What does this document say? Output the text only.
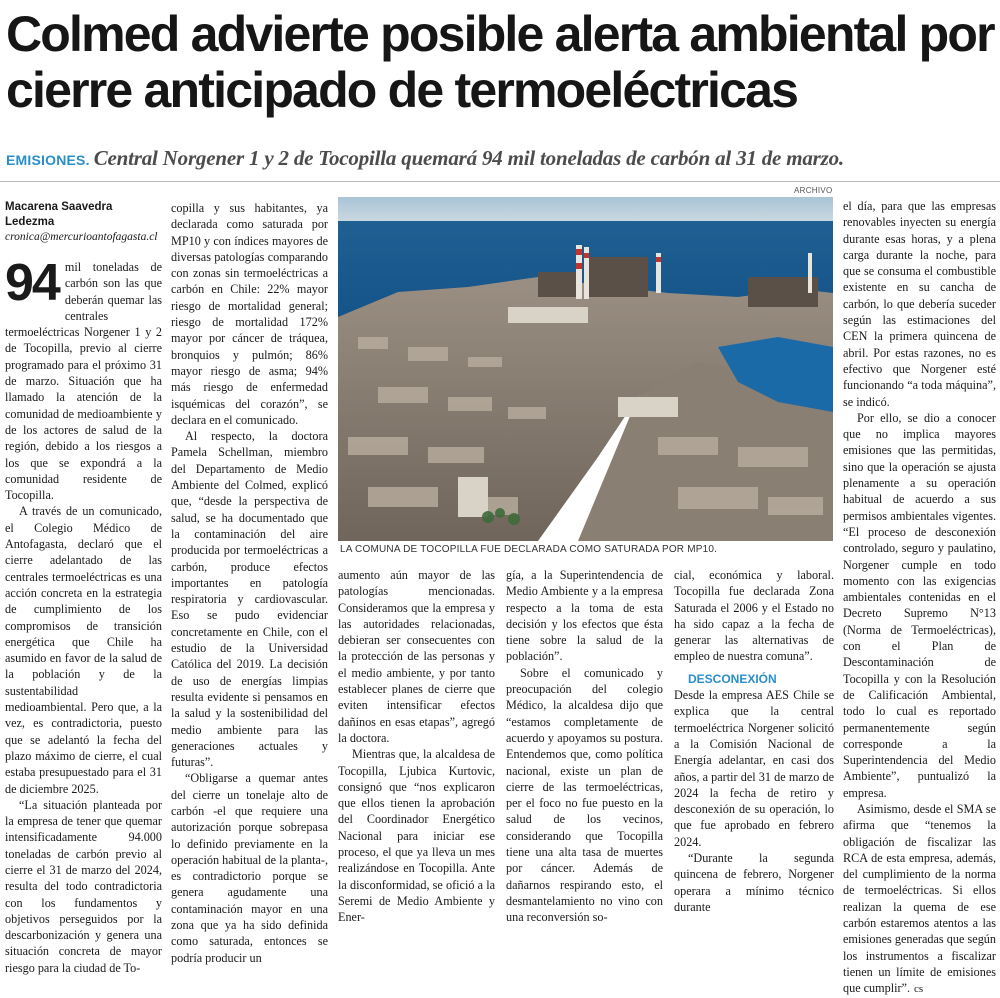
Colmed advierte posible alerta ambiental por cierre anticipado de termoeléctricas
EMISIONES. Central Norgener 1 y 2 de Tocopilla quemará 94 mil toneladas de carbón al 31 de marzo.
Macarena Saavedra Ledezma
cronica@mercurioantofagasta.cl

94 mil toneladas de carbón son las que deberán quemar las centrales termoeléctricas Norgener 1 y 2 de Tocopilla, previo al cierre programado para el próximo 31 de marzo. Situación que ha llamado la atención de la comunidad de medioambiente y de los actores de salud de la región, debido a los riesgos a los que se expondrá a la comunidad residente de Tocopilla.

A través de un comunicado, el Colegio Médico de Antofagasta, declaró que el cierre adelantado de las centrales termoeléctricas es una acción concreta en la estrategia de cumplimiento de los compromisos de transición energética que Chile ha asumido en favor de la salud de la población y de la sustentabilidad medioambiental. Pero que, a la vez, es contradictoria, puesto que se adelantó la fecha del plazo máximo de cierre, el cual estaba presupuestado para el 31 de diciembre 2025.

“La situación planteada por la empresa de tener que quemar intensificadamente 94.000 toneladas de carbón previo al cierre el 31 de marzo del 2024, resulta del todo contradictoria con los fundamentos y objetivos perseguidos por la descarbonización y genera una situación concreta de mayor riesgo para la ciudad de To-

copilla y sus habitantes, ya declarada como saturada por MP10 y con índices mayores de diversas patologías comparando con zonas sin termoeléctricas a carbón en Chile: 22% mayor riesgo de mortalidad general; riesgo de mortalidad 172% mayor por cáncer de tráquea, bronquios y pulmón; 86% mayor riesgo de asma; 94% más riesgo de enfermedad isquémicas del corazón”, se declara en el comunicado.

Al respecto, la doctora Pamela Schellman, miembro del Departamento de Medio Ambiente del Colmed, explicó que, “desde la perspectiva de salud, se ha documentado que la contaminación del aire producida por termoeléctricas a carbón, produce efectos importantes en patología respiratoria y cardiovascular. Eso se pudo evidenciar concretamente en Chile, con el estudio de la Universidad Católica del 2019. La decisión de uso de energías limpias resulta evidente si pensamos en la salud y la sostenibilidad del medio ambiente para las generaciones actuales y futuras”.

“Obligarse a quemar antes del cierre un tonelaje alto de carbón -el que requiere una autorización porque sobrepasa lo definido previamente en la operación habitual de la planta-, es contradictorio porque se genera agudamente una contaminación mayor en una zona que ya ha sido definida como saturada, entonces se podría producir un

ARCHIVO
LA COMUNA DE TOCOPILLA FUE DECLARADA COMO SATURADA POR MP10.

aumento aún mayor de las patologías mencionadas. Consideramos que la empresa y las autoridades relacionadas, debieran ser consecuentes con la protección de las personas y el medio ambiente, y por tanto establecer planes de cierre que eviten intensificar efectos dañinos en esas etapas”, agregó la doctora.

Mientras que, la alcaldesa de Tocopilla, Ljubica Kurtovic, consignó que “nos explicaron que ellos tienen la aprobación del Coordinador Energético Nacional para iniciar ese proceso, el que ya lleva un mes realizándose en Tocopilla. Ante la disconformidad, se ofició a la Seremi de Medio Ambiente y Ener-

gía, a la Superintendencia de Medio Ambiente y a la empresa respecto a la toma de esta decisión y los efectos que ésta tiene sobre la salud de la población”.

Sobre el comunicado y preocupación del colegio Médico, la alcaldesa dijo que “estamos completamente de acuerdo y apoyamos su postura. Entendemos que, como política nacional, existe un plan de cierre de las termoeléctricas, per el foco no fue puesto en la salud de los vecinos, considerando que Tocopilla tiene una alta tasa de muertes por cáncer. Además de dañarnos respirando esto, el desmantelamiento no vino con una reconversión so-

cial, económica y laboral. Tocopilla fue declarada Zona Saturada el 2006 y el Estado no ha sido capaz a la fecha de generar las alternativas de empleo de nuestra comuna”.

DESCONEXIÓN

Desde la empresa AES Chile se explica que la central termoeléctrica Norgener solicitó a la Comisión Nacional de Energía adelantar, en casi dos años, a partir del 31 de marzo de 2024 la fecha de retiro y desconexión de su operación, lo que fue aprobado en febrero 2024.

“Durante la segunda quincena de febrero, Norgener operara a mínimo técnico durante

el día, para que las empresas renovables inyecten su energía durante esas horas, y a plena carga durante la noche, para que se consuma el combustible existente en su cancha de carbón, lo que debería suceder según las estimaciones del CEN la primera quincena de abril. Por estas razones, no es efectivo que Norgener esté funcionando “a toda máquina”, se indicó.

Por ello, se dio a conocer que no implica mayores emisiones que las permitidas, sino que la operación se ajusta plenamente a su operación habitual de acuerdo a sus permisos ambientales vigentes. “El proceso de desconexión controlado, seguro y paulatino, Norgener cumple en todo momento con las exigencias ambientales contenidas en el Decreto Supremo N°13 (Norma de Termoeléctricas), con el Plan de Descontaminación de Tocopilla y con la Resolución de Calificación Ambiental, todo lo cual es reportado permanentemente según corresponde a la Superintendencia del Medio Ambiente”, puntualizó la empresa.

Asimismo, desde el SMA se afirma que “tenemos la obligación de fiscalizar las RCA de esta empresa, además, del cumplimiento de la norma de termoeléctricas. Si ellos realizan la quema de ese carbón estaremos atentos a las emisiones generadas que según los instrumentos a fiscalizar tienen un límite de emisiones que cumplir”. cs
